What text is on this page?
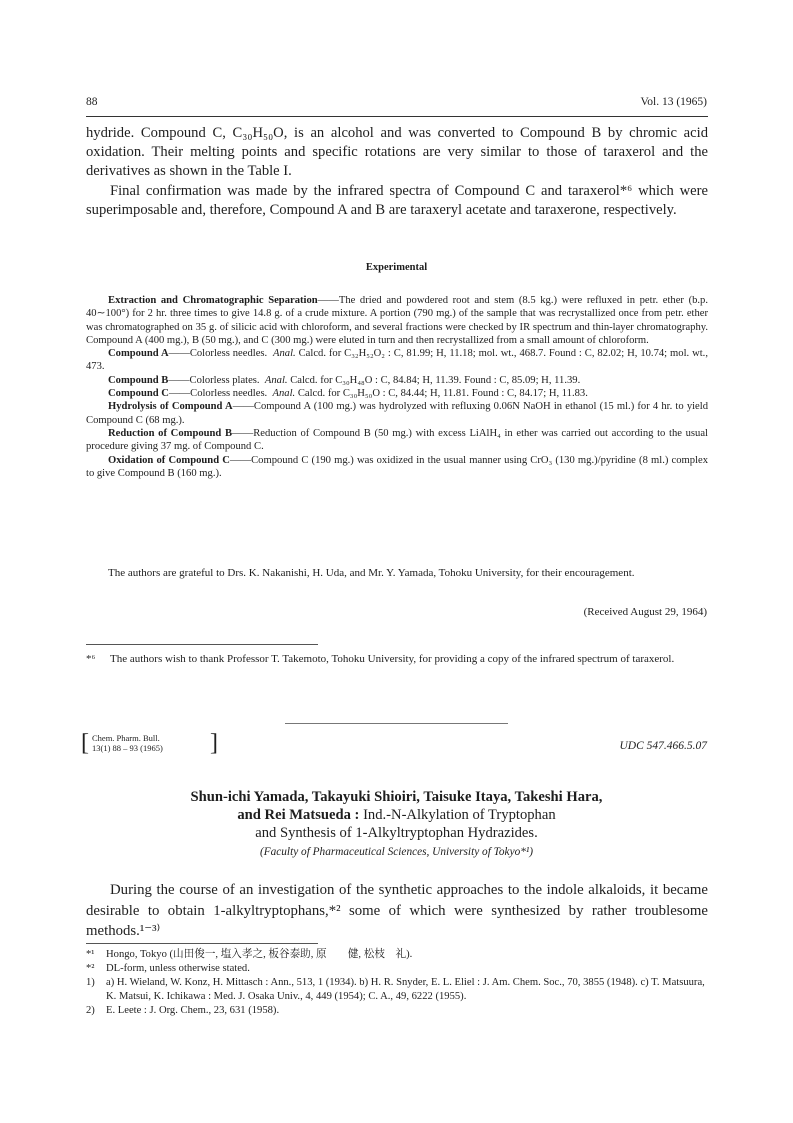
88	Vol. 13 (1965)

hydride. Compound C, C₃₀H₅₀O, is an alcohol and was converted to Compound B by chromic acid oxidation. Their melting points and specific rotations are very similar to those of taraxerol and the derivatives as shown in the Table I.

Final confirmation was made by the infrared spectra of Compound C and taraxerol*⁶ which were superimposable and, therefore, Compound A and B are taraxeryl acetate and taraxerone, respectively.

Experimental

Extraction and Chromatographic Separation——The dried and powdered root and stem (8.5 kg.) were refluxed in petr. ether (b.p. 40∼100°) for 2 hr. three times to give 14.8 g. of a crude mixture. A portion (790 mg.) of the sample that was recrystallized once from petr. ether was chromatographed on 35 g. of silicic acid with chloroform, and several fractions were checked by IR spectrum and thin-layer chromatography. Compound A (400 mg.), B (50 mg.), and C (300 mg.) were eluted in turn and then recrystallized from a small amount of chloroform.

Compound A——Colorless needles. Anal. Calcd. for C₃₂H₅₂O₂ : C, 81.99; H, 11.18; mol. wt., 468.7. Found : C, 82.02; H, 10.74; mol. wt., 473.

Compound B——Colorless plates. Anal. Calcd. for C₃₀H₄₈O : C, 84.84; H, 11.39. Found : C, 85.09; H, 11.39.

Compound C——Colorless needles. Anal. Calcd. for C₃₀H₅₀O : C, 84.44; H, 11.81. Found : C, 84.17; H, 11.83.

Hydrolysis of Compound A——Compound A (100 mg.) was hydrolyzed with refluxing 0.06N NaOH in ethanol (15 ml.) for 4 hr. to yield Compound C (68 mg.).

Reduction of Compound B——Reduction of Compound B (50 mg.) with excess LiAlH₄ in ether was carried out according to the usual procedure giving 37 mg. of Compound C.

Oxidation of Compound C——Compound C (190 mg.) was oxidized in the usual manner using CrO₃ (130 mg.)/pyridine (8 ml.) complex to give Compound B (160 mg.).

The authors are grateful to Drs. K. Nakanishi, H. Uda, and Mr. Y. Yamada, Tohoku University, for their encouragement.

(Received August 29, 1964)
*⁶	The authors wish to thank Professor T. Takemoto, Tohoku University, for providing a copy of the infrared spectrum of taraxerol.
[ Chem. Pharm. Bull.
13(1) 88 – 93 (1965) ]	UDC 547.466.5.07
Shun-ichi Yamada, Takayuki Shioiri, Taisuke Itaya, Takeshi Hara,
and Rei Matsueda : Ind.-N-Alkylation of Tryptophan
and Synthesis of 1-Alkyltryptophan Hydrazides.
(Faculty of Pharmaceutical Sciences, University of Tokyo*¹)

During the course of an investigation of the synthetic approaches to the indole alkaloids, it became desirable to obtain 1-alkyltryptophans,*² some of which were synthesized by rather troublesome methods.¹⁻³⁾

*¹	Hongo, Tokyo (山田俊一, 塩入孝之, 板谷泰助, 原　　健, 松枝　礼).
*²	DL-form, unless otherwise stated.
1)	a) H. Wieland, W. Konz, H. Mittasch : Ann., 513, 1 (1934). b) H. R. Snyder, E. L. Eliel : J. Am. Chem. Soc., 70, 3855 (1948). c) T. Matsuura, K. Matsui, K. Ichikawa : Med. J. Osaka Univ., 4, 449 (1954); C. A., 49, 6222 (1955).
2)	E. Leete : J. Org. Chem., 23, 631 (1958).
